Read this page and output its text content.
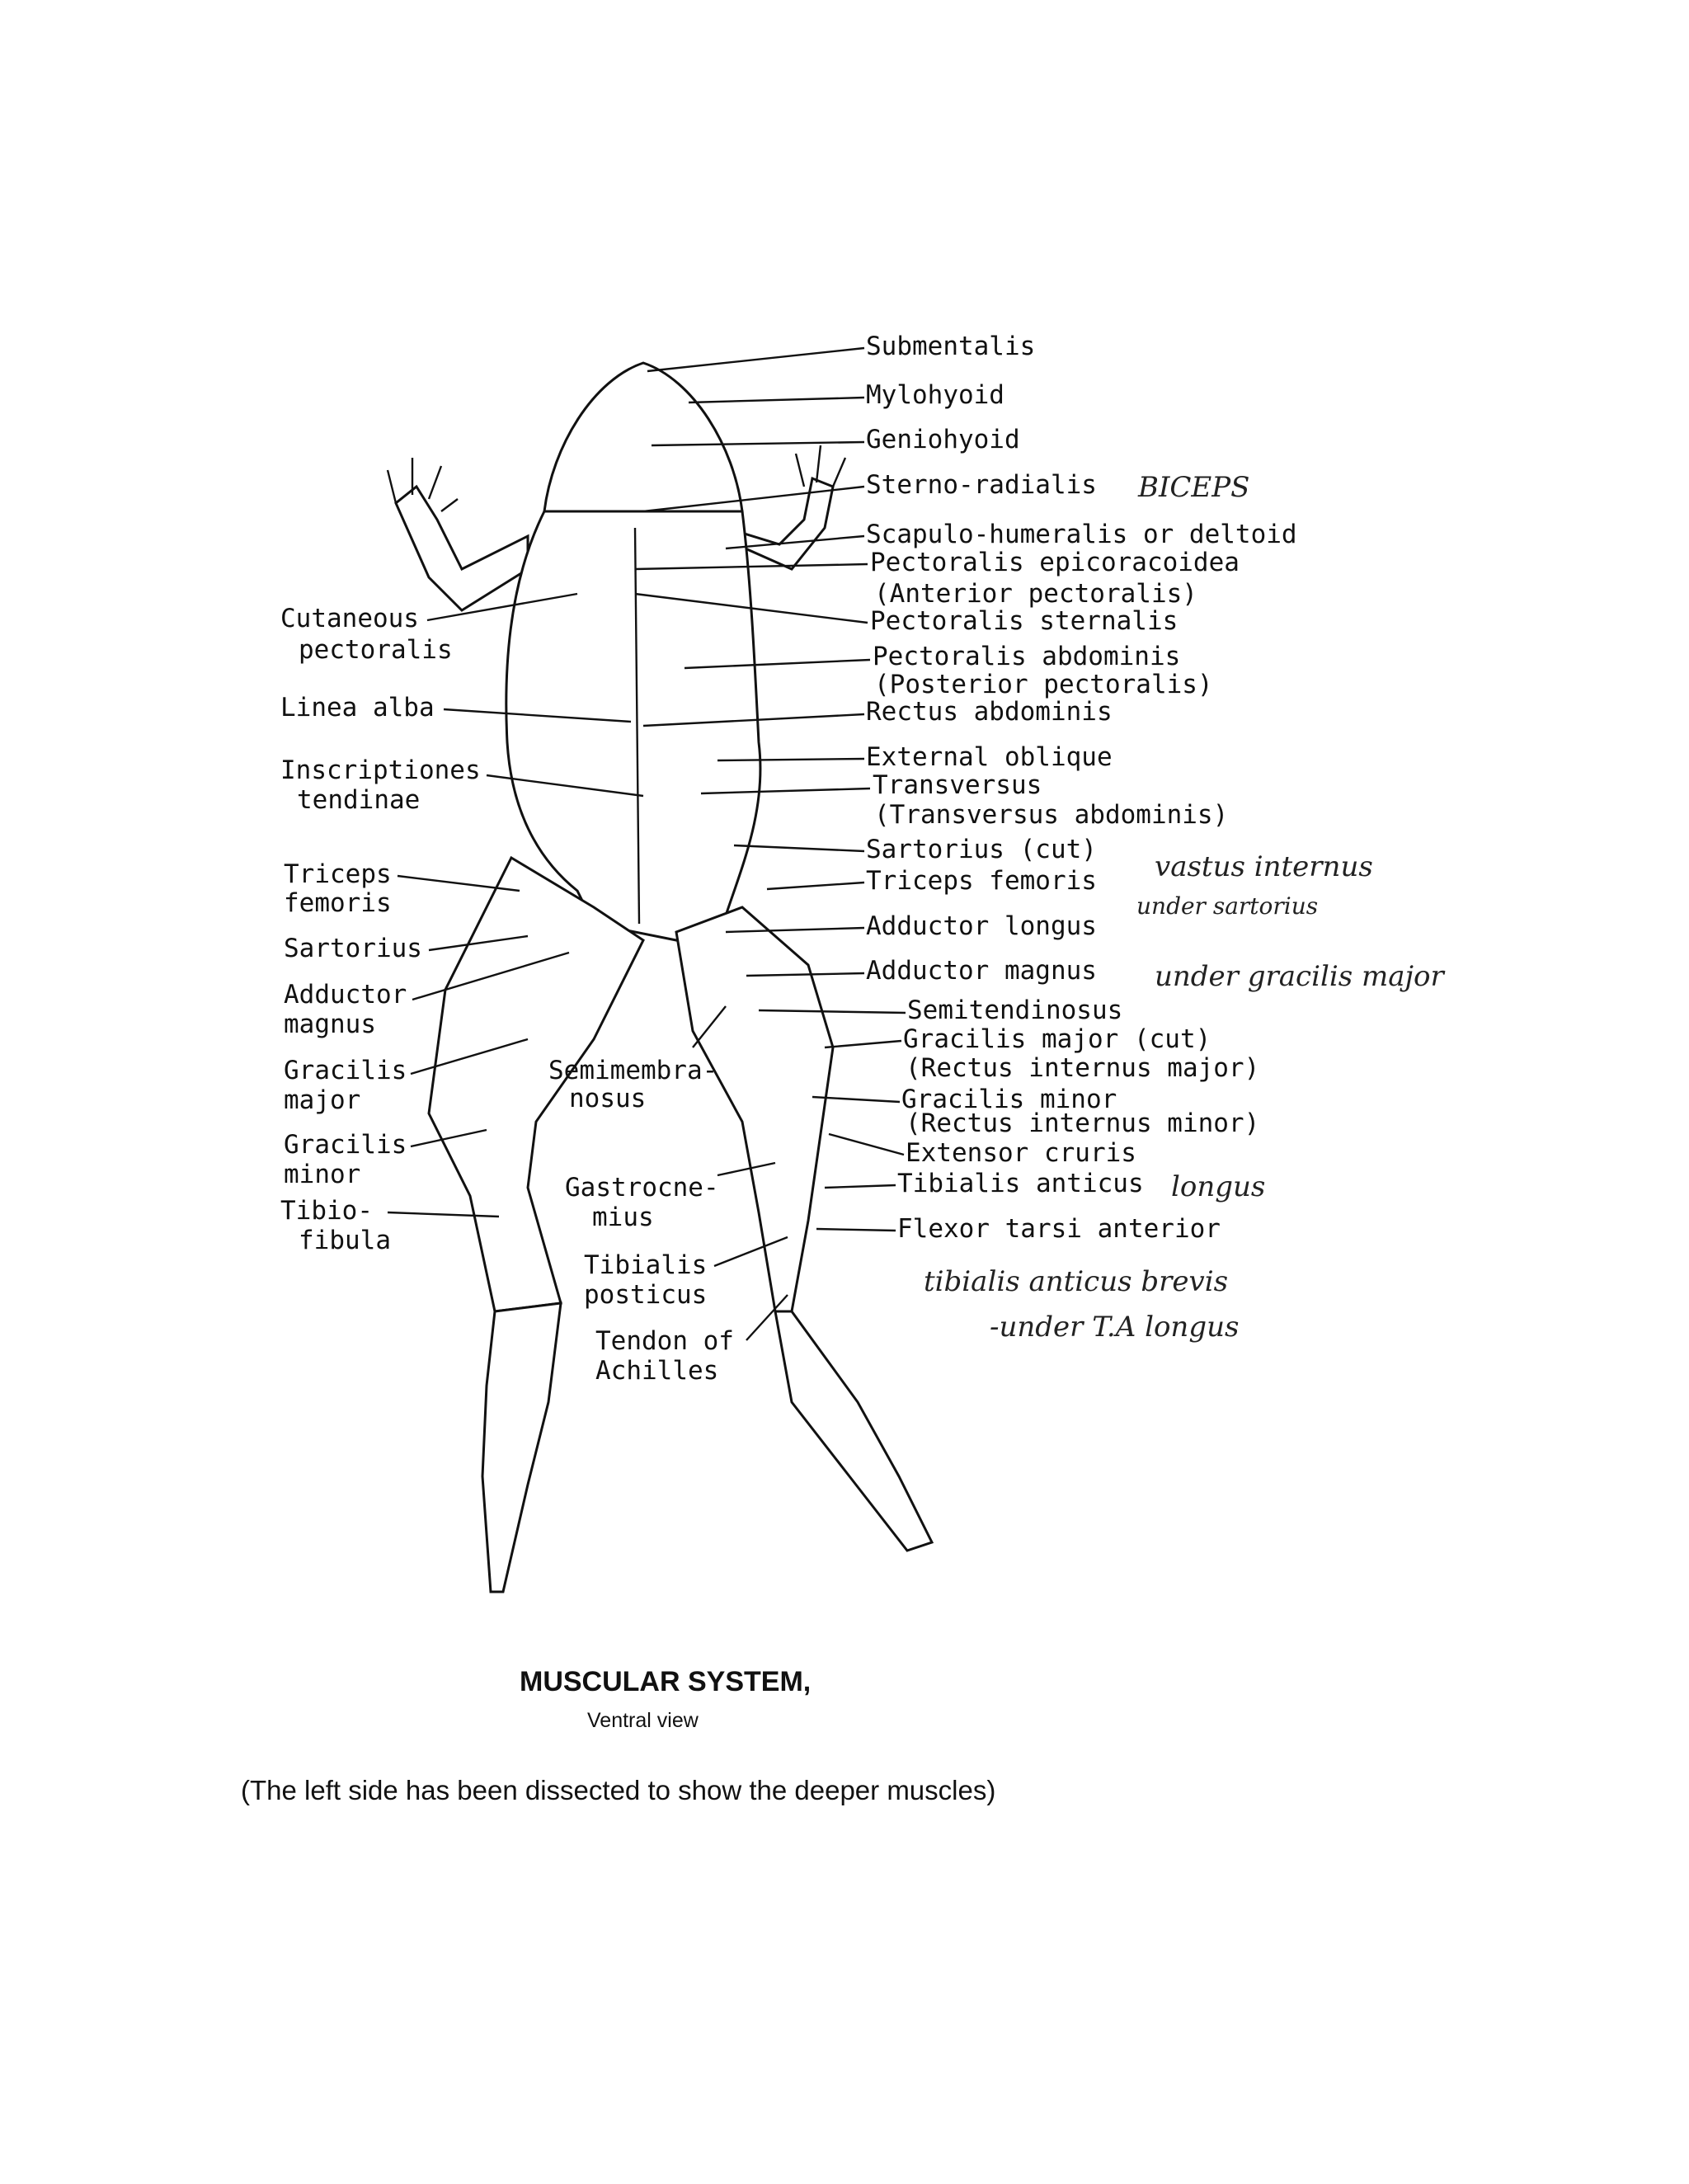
Submentalis
Mylohyoid
Geniohyoid
Sterno-radialis
Scapulo-humeralis or deltoid
Pectoralis epicoracoidea
(Anterior pectoralis)
Pectoralis sternalis
Pectoralis abdominis
(Posterior pectoralis)
Rectus abdominis
External oblique
Transversus
(Transversus abdominis)
Sartorius (cut)
Triceps femoris
Adductor longus
Adductor magnus
Semitendinosus
Gracilis major (cut)
(Rectus internus major)
Gracilis minor
(Rectus internus minor)
Extensor cruris
Tibialis anticus
Flexor tarsi anterior
Cutaneous
pectoralis
Linea alba
Inscriptiones
tendinae
Triceps
femoris
Sartorius
Adductor
magnus
Gracilis
major
Gracilis
minor
Tibio-
fibula
Semimembra-
nosus
Gastrocne-
mius
Tibialis
posticus
Tendon of
Achilles
BICEPS
vastus internus
under sartorius
under gracilis major
longus
tibialis anticus brevis
-under T.A longus
MUSCULAR SYSTEM,
Ventral view
(The left side has been dissected to show the deeper muscles)
